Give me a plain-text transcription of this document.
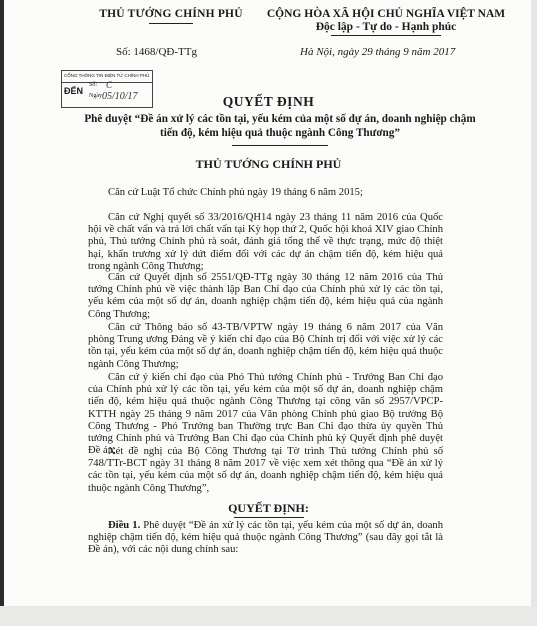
THỦ TƯỚNG CHÍNH PHỦ	CỘNG HÒA XÃ HỘI CHỦ NGHĨA VIỆT NAM
Độc lập - Tự do - Hạnh phúc
Số: 1468/QĐ-TTg	Hà Nội, ngày 29 tháng 9 năm 2017
CỔNG THÔNG TIN ĐIỆN TỬ CHÍNH PHỦ
ĐẾN
Số: C
Ngày:
05/10/17	QUYẾT ĐỊNH
Phê duyệt “Đề án xử lý các tồn tại, yếu kém của một số dự án, doanh nghiệp chậm tiến độ, kém hiệu quả thuộc ngành Công Thương”
THỦ TƯỚNG CHÍNH PHỦ
Căn cứ Luật Tổ chức Chính phủ ngày 19 tháng 6 năm 2015;
Căn cứ Nghị quyết số 33/2016/QH14 ngày 23 tháng 11 năm 2016 của Quốc hội về chất vấn và trả lời chất vấn tại Kỳ họp thứ 2, Quốc hội khoá XIV giao Chính phủ, Thủ tướng Chính phủ rà soát, đánh giá tổng thể về thực trạng, mức độ thiệt hại, khẩn trương xử lý dứt điểm đối với các dự án chậm tiến độ, kém hiệu quả trong ngành Công Thương;
Căn cứ Quyết định số 2551/QĐ-TTg ngày 30 tháng 12 năm 2016 của Thủ tướng Chính phủ về việc thành lập Ban Chỉ đạo của Chính phủ xử lý các tồn tại, yếu kém của một số dự án, doanh nghiệp chậm tiến độ, kém hiệu quả của ngành Công Thương;
Căn cứ Thông báo số 43-TB/VPTW ngày 19 tháng 6 năm 2017 của Văn phòng Trung ương Đảng về ý kiến chỉ đạo của Bộ Chính trị đối với việc xử lý các tồn tại, yếu kém của một số dự án, doanh nghiệp chậm tiến độ, kém hiệu quả thuộc ngành Công Thương;
Căn cứ ý kiến chỉ đạo của Phó Thủ tướng Chính phủ - Trưởng Ban Chỉ đạo của Chính phủ xử lý các tồn tại, yếu kém của một số dự án, doanh nghiệp chậm tiến độ, kém hiệu quả thuộc ngành Công Thương tại công văn số 2957/VPCP-KTTH ngày 25 tháng 9 năm 2017 của Văn phòng Chính phủ giao Bộ trưởng Bộ Công Thương - Phó Trưởng ban Thường trực Ban Chỉ đạo thừa ủy quyền Thủ tướng Chính phủ và Trưởng Ban Chỉ đạo của Chính phủ ký Quyết định phê duyệt Đề án;
Xét đề nghị của Bộ Công Thương tại Tờ trình Thủ tướng Chính phủ số 748/TTr-BCT ngày 31 tháng 8 năm 2017 về việc xem xét thông qua “Đề án xử lý các tồn tại, yếu kém của một số dự án, doanh nghiệp chậm tiến độ, kém hiệu quả thuộc ngành Công Thương”,
QUYẾT ĐỊNH:
Điều 1. Phê duyệt “Đề án xử lý các tồn tại, yếu kém của một số dự án, doanh nghiệp chậm tiến độ, kém hiệu quả thuộc ngành Công Thương” (sau đây gọi tắt là Đề án), với các nội dung chính sau:
